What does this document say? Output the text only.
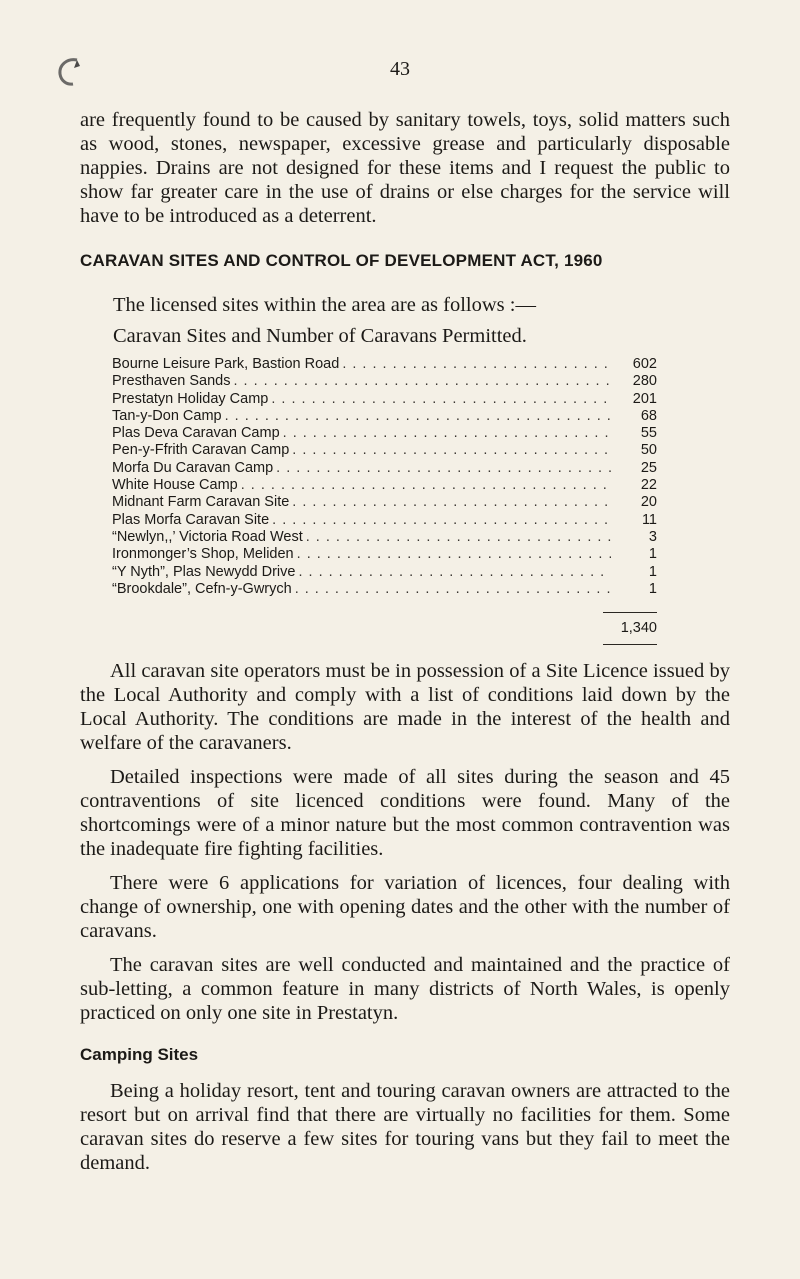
43

are frequently found to be caused by sanitary towels, toys, solid matters such as wood, stones, newspaper, excessive grease and particularly disposable nappies. Drains are not designed for these items and I request the public to show far greater care in the use of drains or else charges for the service will have to be introduced as a deterrent.

CARAVAN SITES AND CONTROL OF DEVELOPMENT ACT, 1960
The licensed sites within the area are as follows :—
Caravan Sites and Number of Caravans Permitted.
Bourne Leisure Park, Bastion Road . . .	602
Presthaven Sands . . .	280
Prestatyn Holiday Camp . . .	201
Tan-y-Don Camp . . .	68
Plas Deva Caravan Camp . . .	55
Pen-y-Ffrith Caravan Camp . . .	50
Morfa Du Caravan Camp . . .	25
White House Camp . . .	22
Midnant Farm Caravan Site . . .	20
Plas Morfa Caravan Site . . .	11
“Newlyn,,’ Victoria Road West . . .	3
Ironmonger’s Shop, Meliden . . .	1
“Y Nyth”, Plas Newydd Drive . . .	1
“Brookdale”, Cefn-y-Gwrych . . .	1
1,340

All caravan site operators must be in possession of a Site Licence issued by the Local Authority and comply with a list of conditions laid down by the Local Authority. The conditions are made in the interest of the health and welfare of the caravaners.

Detailed inspections were made of all sites during the season and 45 contraventions of site licenced conditions were found. Many of the shortcomings were of a minor nature but the most common contravention was the inadequate fire fighting facilities.

There were 6 applications for variation of licences, four dealing with change of ownership, one with opening dates and the other with the number of caravans.

The caravan sites are well conducted and maintained and the practice of sub-letting, a common feature in many districts of North Wales, is openly practiced on only one site in Prestatyn.

Camping Sites

Being a holiday resort, tent and touring caravan owners are attracted to the resort but on arrival find that there are virtually no facilities for them. Some caravan sites do reserve a few sites for touring vans but they fail to meet the demand.
